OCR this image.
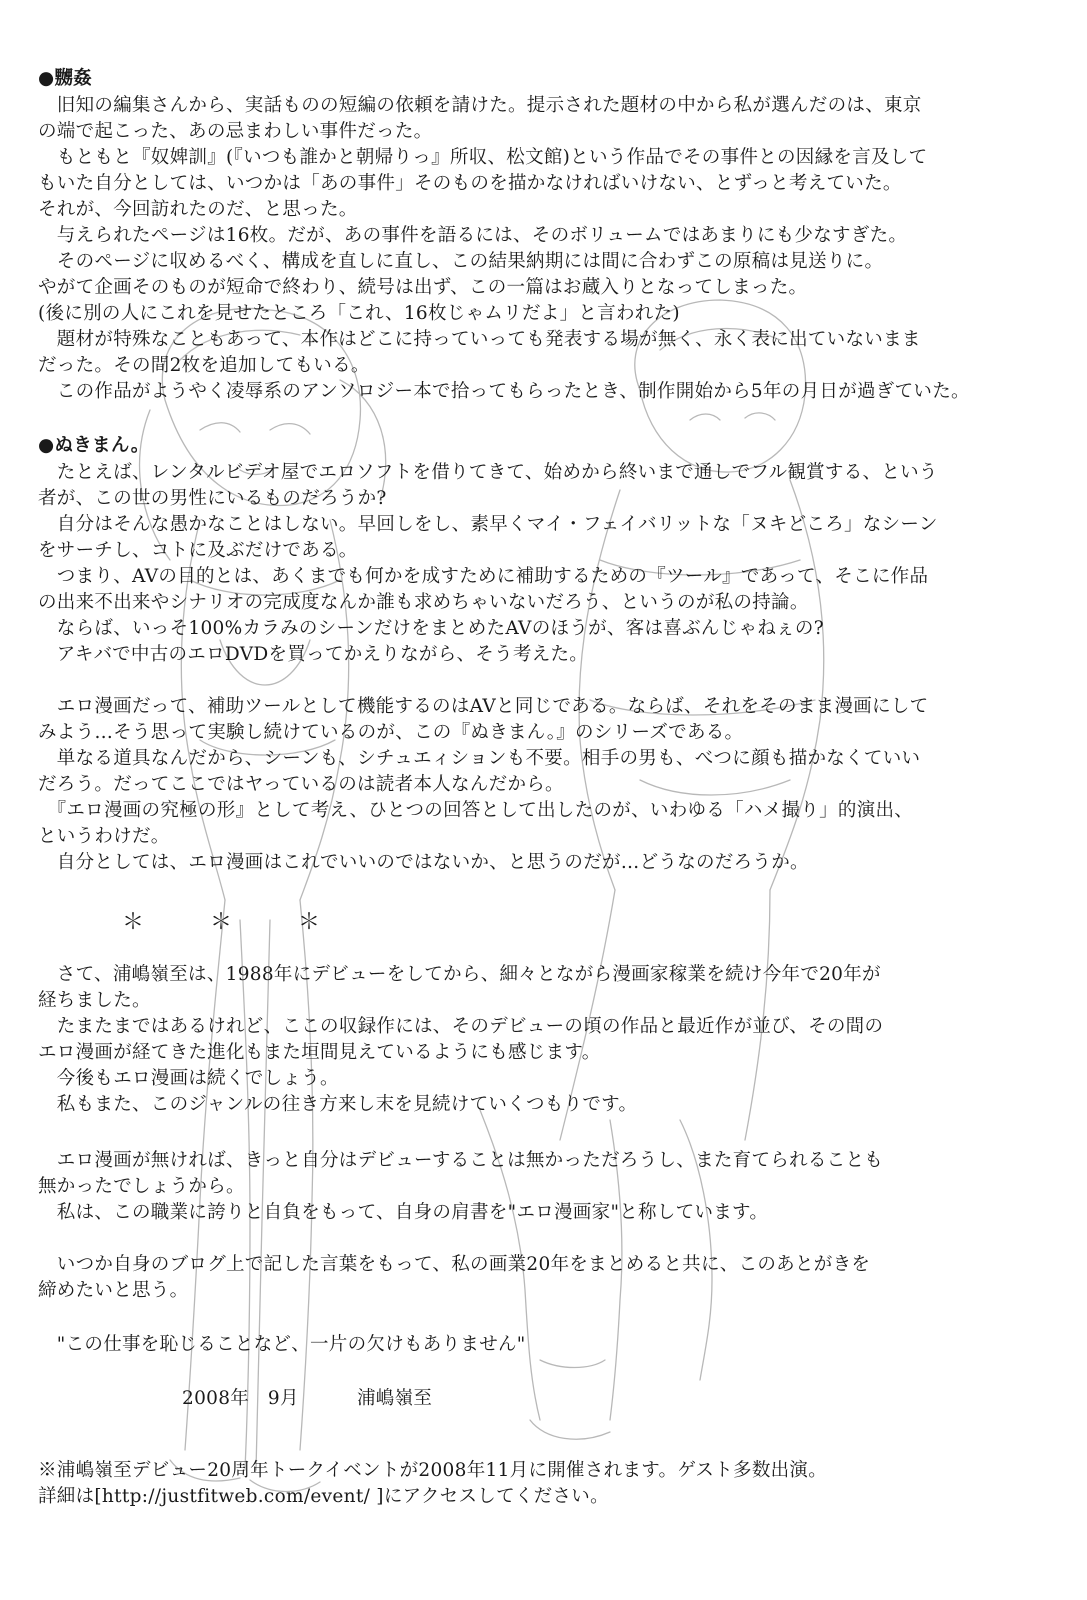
●嬲姦
　旧知の編集さんから、実話ものの短編の依頼を請けた。提示された題材の中から私が選んだのは、東京
の端で起こった、あの忌まわしい事件だった。
　もともと『奴婢訓』(『いつも誰かと朝帰りっ』所収、松文館)という作品でその事件との因縁を言及して
もいた自分としては、いつかは「あの事件」そのものを描かなければいけない、とずっと考えていた。
それが、今回訪れたのだ、と思った。
　与えられたページは16枚。だが、あの事件を語るには、そのボリュームではあまりにも少なすぎた。
　そのページに収めるべく、構成を直しに直し、この結果納期には間に合わずこの原稿は見送りに。
やがて企画そのものが短命で終わり、続号は出ず、この一篇はお蔵入りとなってしまった。
(後に別の人にこれを見せたところ「これ、16枚じゃムリだよ」と言われた)
　題材が特殊なこともあって、本作はどこに持っていっても発表する場が無く、永く表に出ていないまま
だった。その間2枚を追加してもいる。
　この作品がようやく凌辱系のアンソロジー本で拾ってもらったとき、制作開始から5年の月日が過ぎていた。
●ぬきまん。
　たとえば、レンタルビデオ屋でエロソフトを借りてきて、始めから終いまで通しでフル観賞する、という
者が、この世の男性にいるものだろうか?
　自分はそんな愚かなことはしない。早回しをし、素早くマイ・フェイバリットな「ヌキどころ」なシーン
をサーチし、コトに及ぶだけである。
　つまり、AVの目的とは、あくまでも何かを成すために補助するための『ツール』であって、そこに作品
の出来不出来やシナリオの完成度なんか誰も求めちゃいないだろう、というのが私の持論。
　ならば、いっそ100%カラみのシーンだけをまとめたAVのほうが、客は喜ぶんじゃねぇの?
　アキバで中古のエロDVDを買ってかえりながら、そう考えた。
　エロ漫画だって、補助ツールとして機能するのはAVと同じである。ならば、それをそのまま漫画にして
みよう…そう思って実験し続けているのが、この『ぬきまん。』のシリーズである。
　単なる道具なんだから、シーンも、シチュエィションも不要。相手の男も、べつに顔も描かなくていい
だろう。だってここではヤっているのは読者本人なんだから。
　『エロ漫画の究極の形』として考え、ひとつの回答として出したのが、いわゆる「ハメ撮り」的演出、
というわけだ。
　自分としては、エロ漫画はこれでいいのではないか、と思うのだが…どうなのだろうか。
＊　　　＊　　　＊
　さて、浦嶋嶺至は、1988年にデビューをしてから、細々とながら漫画家稼業を続け今年で20年が
経ちました。
　たまたまではあるけれど、ここの収録作には、そのデビューの頃の作品と最近作が並び、その間の
エロ漫画が経てきた進化もまた垣間見えているようにも感じます。
　今後もエロ漫画は続くでしょう。
　私もまた、このジャンルの往き方来し末を見続けていくつもりです。
　エロ漫画が無ければ、きっと自分はデビューすることは無かっただろうし、また育てられることも
無かったでしょうから。
　私は、この職業に誇りと自負をもって、自身の肩書を"エロ漫画家"と称しています。
　いつか自身のブログ上で記した言葉をもって、私の画業20年をまとめると共に、このあとがきを
締めたいと思う。
　"この仕事を恥じることなど、一片の欠けもありません"
2008年　9月	浦嶋嶺至
※浦嶋嶺至デビュー20周年トークイベントが2008年11月に開催されます。ゲスト多数出演。
詳細は[http://justfitweb.com/event/ ]にアクセスしてください。
